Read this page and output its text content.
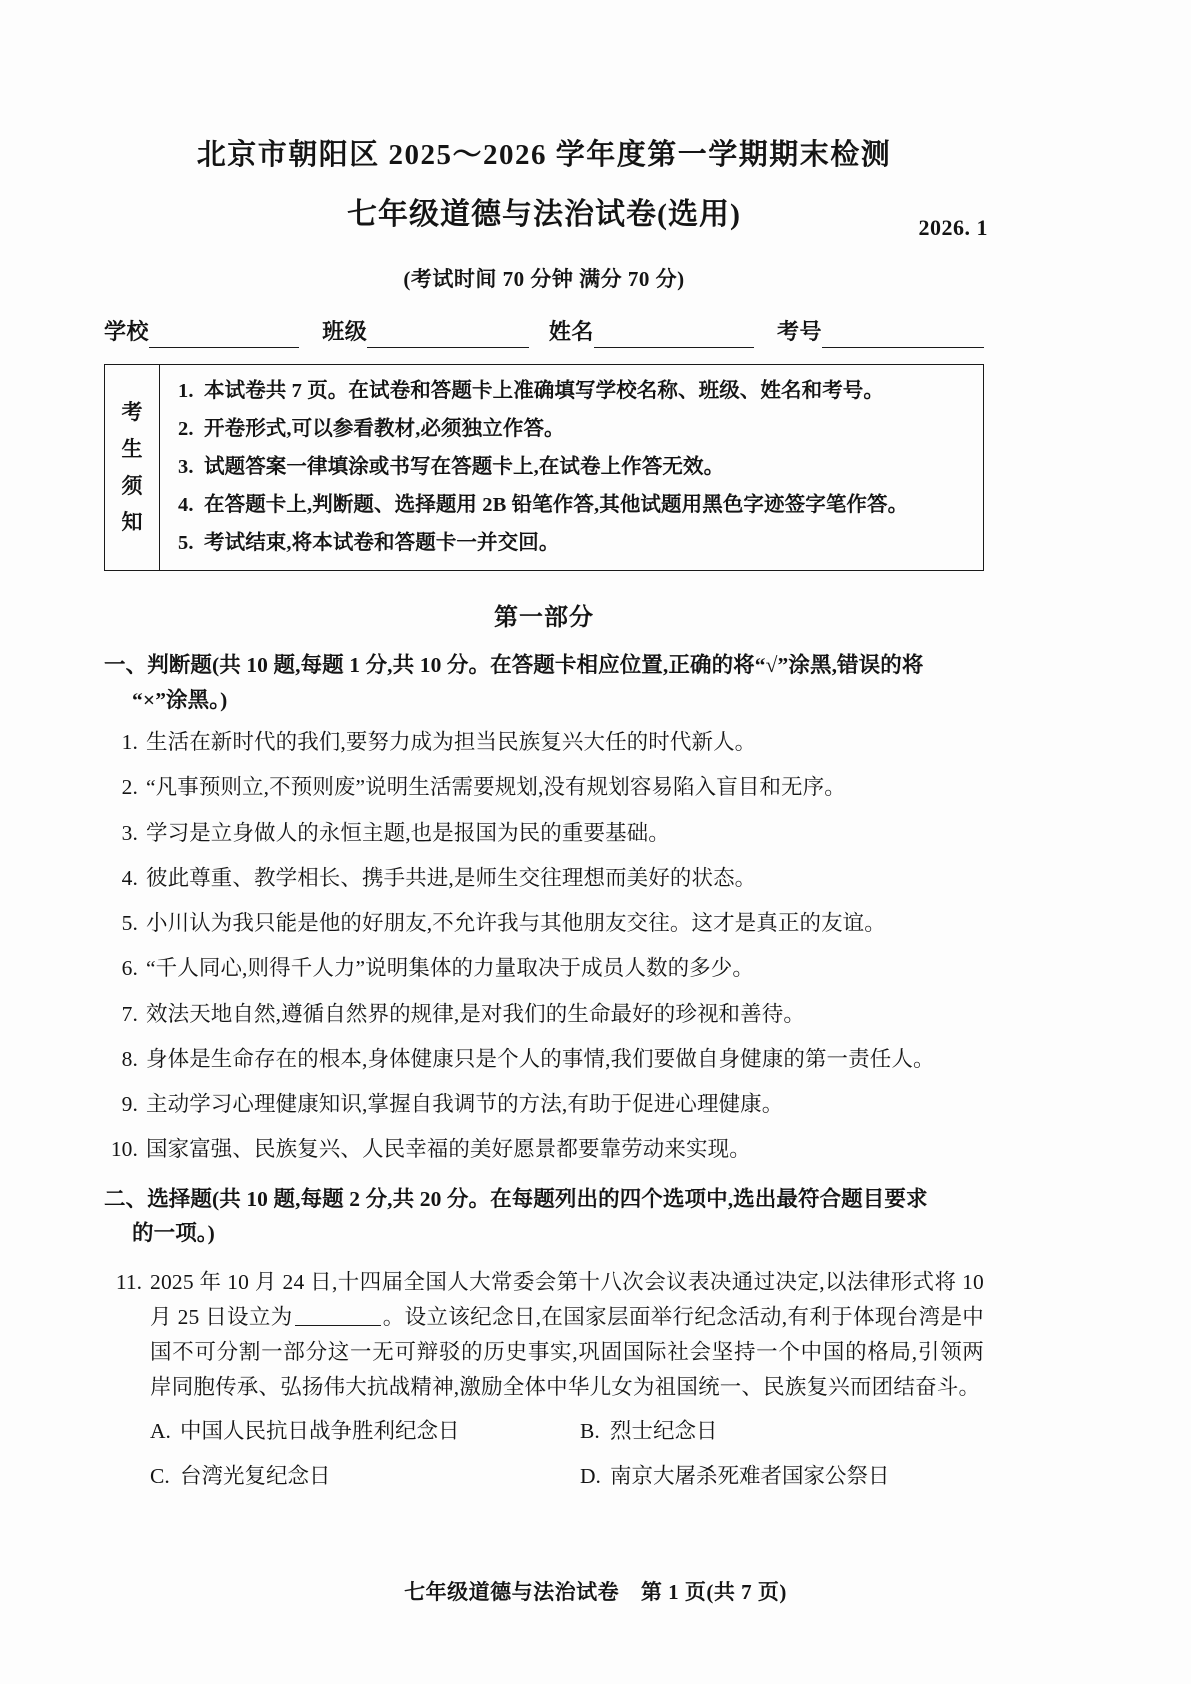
北京市朝阳区 2025～2026 学年度第一学期期末检测
七年级道德与法治试卷(选用)	2026. 1
(考试时间 70 分钟 满分 70 分)
学校	班级	姓名	考号
考
生
须
知
1. 本试卷共 7 页。在试卷和答题卡上准确填写学校名称、班级、姓名和考号。
2. 开卷形式,可以参看教材,必须独立作答。
3. 试题答案一律填涂或书写在答题卡上,在试卷上作答无效。
4. 在答题卡上,判断题、选择题用 2B 铅笔作答,其他试题用黑色字迹签字笔作答。
5. 考试结束,将本试卷和答题卡一并交回。
第一部分
一、判断题(共 10 题,每题 1 分,共 10 分。在答题卡相应位置,正确的将“√”涂黑,错误的将
“×”涂黑。)
1. 生活在新时代的我们,要努力成为担当民族复兴大任的时代新人。
2. “凡事预则立,不预则废”说明生活需要规划,没有规划容易陷入盲目和无序。
3. 学习是立身做人的永恒主题,也是报国为民的重要基础。
4. 彼此尊重、教学相长、携手共进,是师生交往理想而美好的状态。
5. 小川认为我只能是他的好朋友,不允许我与其他朋友交往。这才是真正的友谊。
6. “千人同心,则得千人力”说明集体的力量取决于成员人数的多少。
7. 效法天地自然,遵循自然界的规律,是对我们的生命最好的珍视和善待。
8. 身体是生命存在的根本,身体健康只是个人的事情,我们要做自身健康的第一责任人。
9. 主动学习心理健康知识,掌握自我调节的方法,有助于促进心理健康。
10. 国家富强、民族复兴、人民幸福的美好愿景都要靠劳动来实现。
二、选择题(共 10 题,每题 2 分,共 20 分。在每题列出的四个选项中,选出最符合题目要求
的一项。)
11. 2025 年 10 月 24 日,十四届全国人大常委会第十八次会议表决通过决定,以法律形式将 10 月 25 日设立为	。设立该纪念日,在国家层面举行纪念活动,有利于体现台湾是中国不可分割一部分这一无可辩驳的历史事实,巩固国际社会坚持一个中国的格局,引领两岸同胞传承、弘扬伟大抗战精神,激励全体中华儿女为祖国统一、民族复兴而团结奋斗。
A. 中国人民抗日战争胜利纪念日	B. 烈士纪念日
C. 台湾光复纪念日	D. 南京大屠杀死难者国家公祭日
七年级道德与法治试卷 第 1 页(共 7 页)
